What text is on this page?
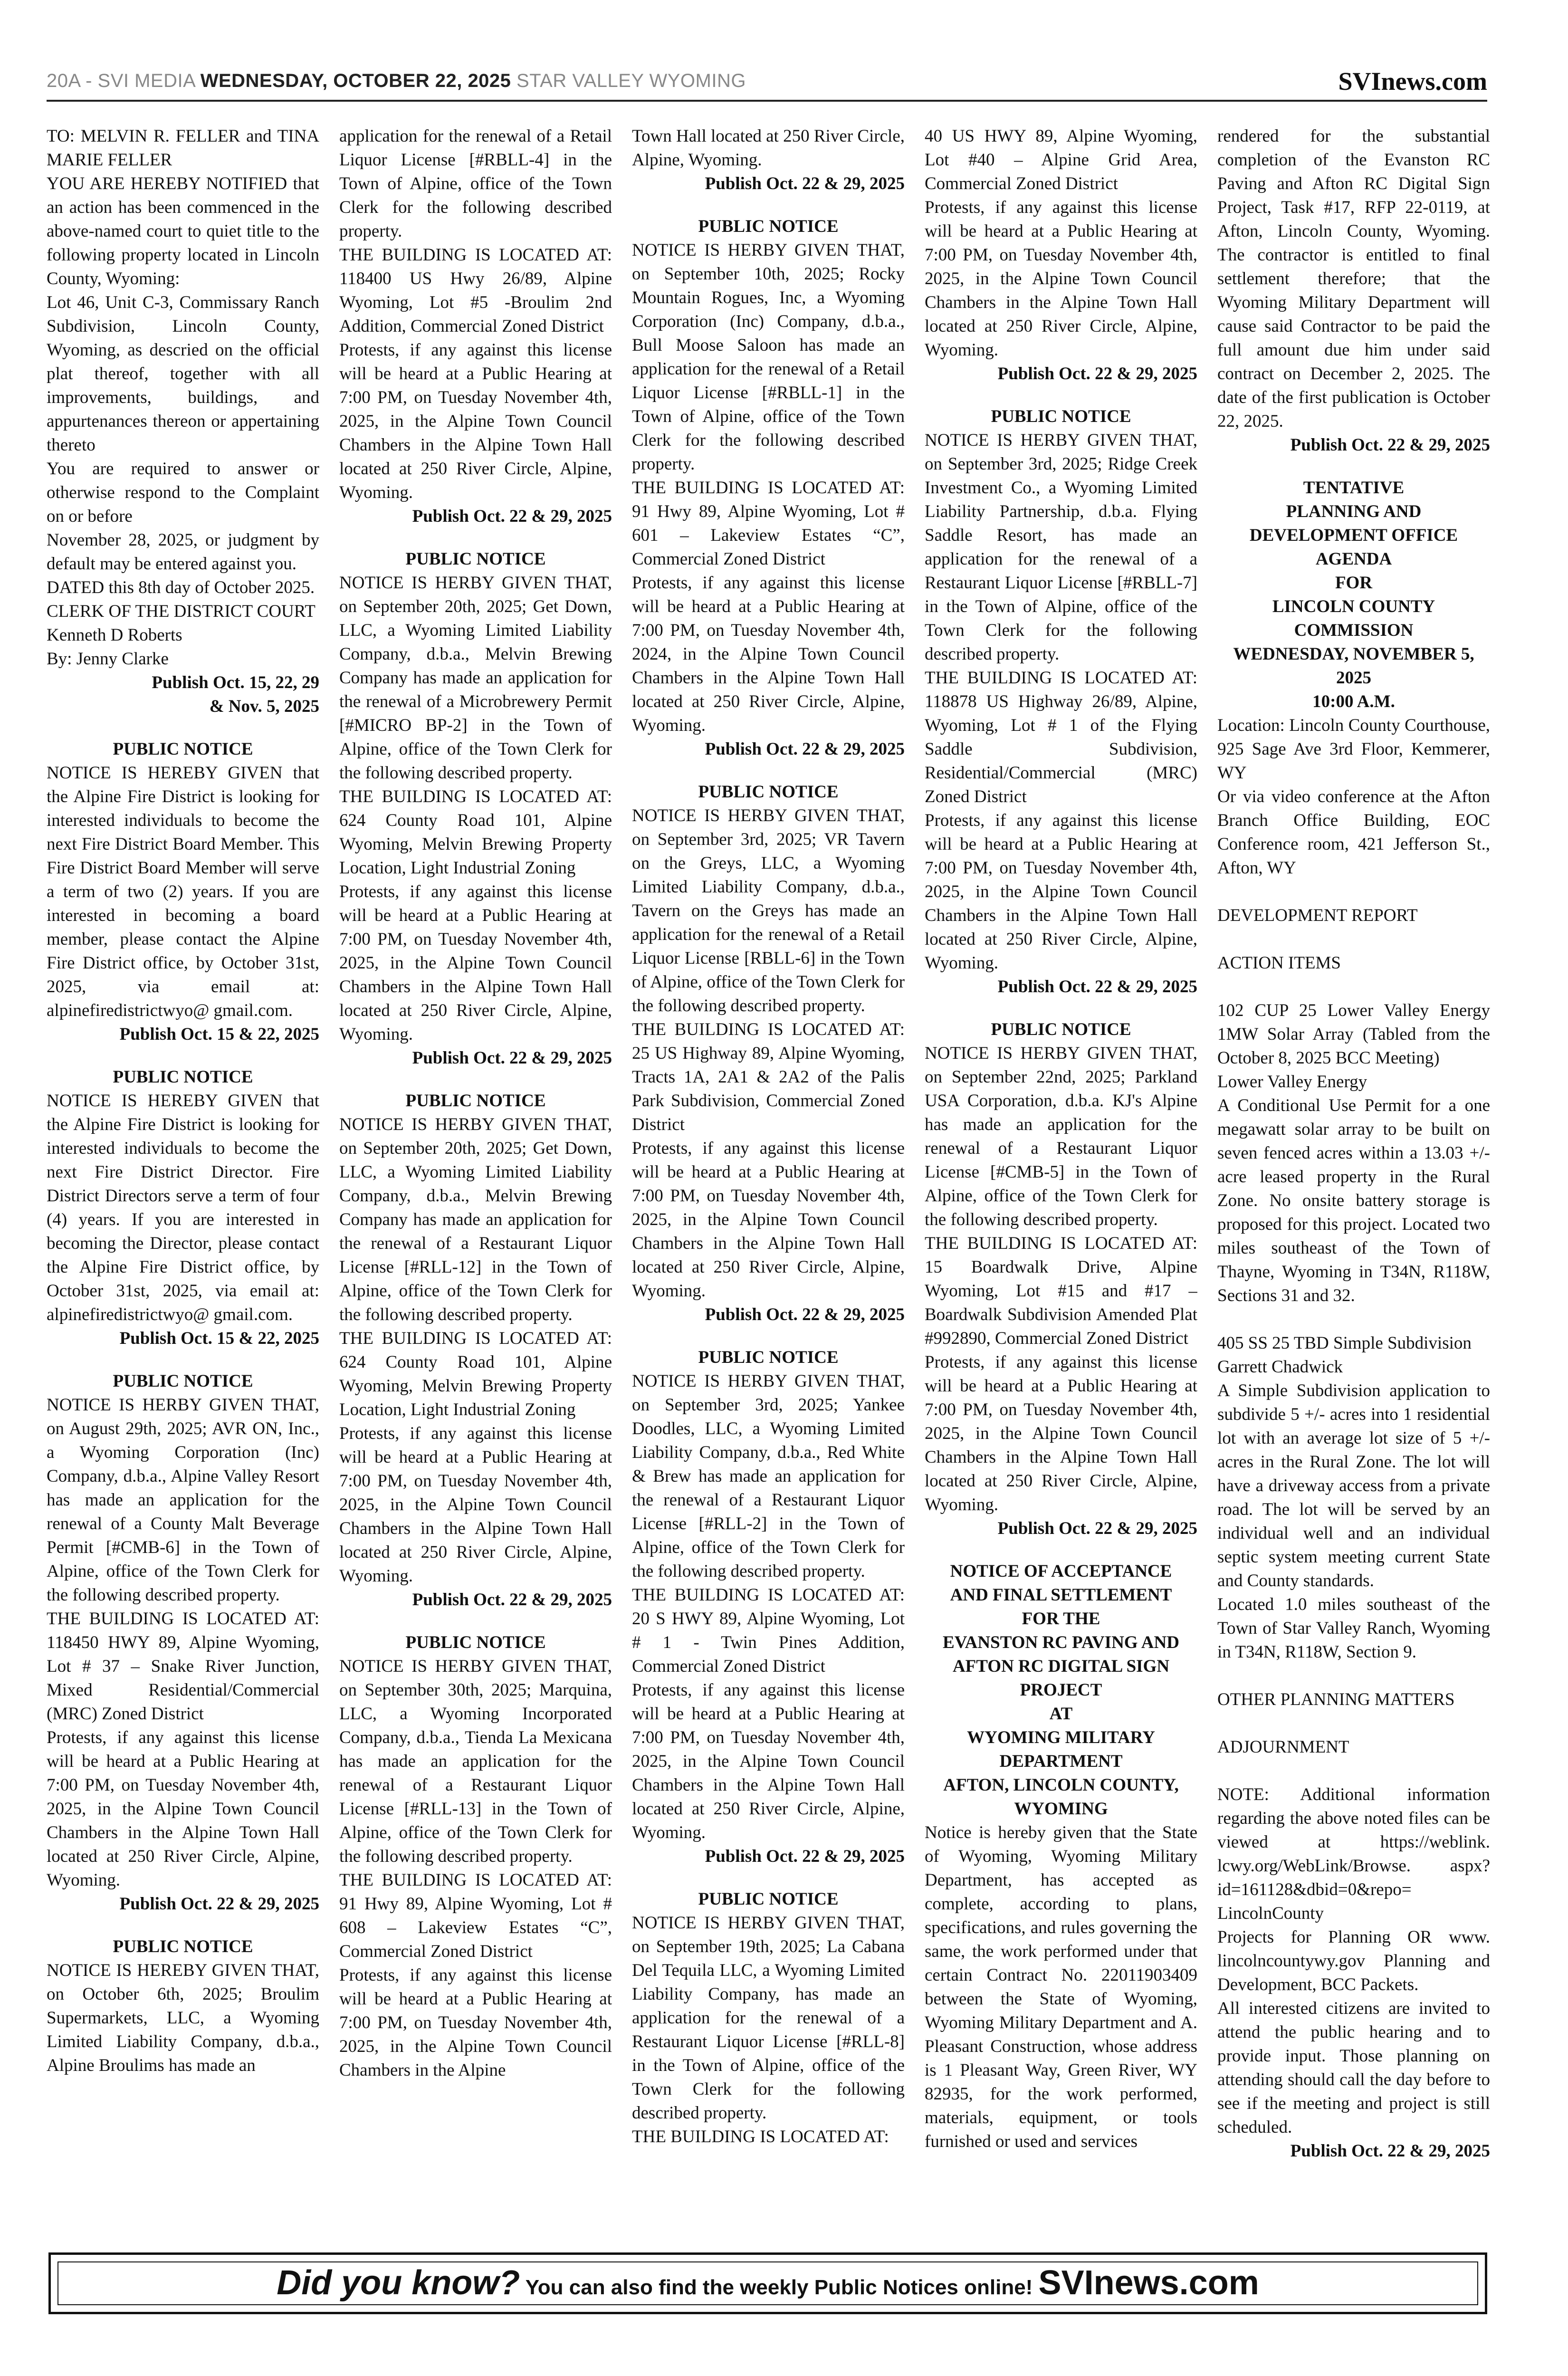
20A - SVI MEDIA WEDNESDAY, OCTOBER 22, 2025 STAR VALLEY WYOMING	SVInews.com

TO: MELVIN R. FELLER and TINA MARIE FELLER

YOU ARE HEREBY NOTIFIED that an action has been commenced in the above-named court to quiet title to the following property located in Lincoln County, Wyoming:

Lot 46, Unit C-3, Commissary Ranch Subdivision, Lincoln County, Wyoming, as descried on the official plat thereof, together with all improvements, buildings, and appurtenances thereon or appertaining thereto

You are required to answer or otherwise respond to the Complaint on or before

November 28, 2025, or judgment by default may be entered against you.

DATED this 8th day of October 2025.

CLERK OF THE DISTRICT COURT

Kenneth D Roberts

By: Jenny Clarke

Publish Oct. 15, 22, 29

& Nov. 5, 2025

PUBLIC NOTICE

NOTICE IS HEREBY GIVEN that the Alpine Fire District is looking for interested individuals to become the next Fire District Board Member. This Fire District Board Member will serve a term of two (2) years. If you are interested in becoming a board member, please contact the Alpine Fire District office, by October 31st, 2025, via email at: alpinefiredistrictwyo@ gmail.com.

Publish Oct. 15 & 22, 2025

PUBLIC NOTICE

NOTICE IS HEREBY GIVEN that the Alpine Fire District is looking for interested individuals to become the next Fire District Director. Fire District Directors serve a term of four (4) years. If you are interested in becoming the Director, please contact the Alpine Fire District office, by October 31st, 2025, via email at: alpinefiredistrictwyo@ gmail.com.

Publish Oct. 15 & 22, 2025

PUBLIC NOTICE

NOTICE IS HERBY GIVEN THAT, on August 29th, 2025; AVR ON, Inc., a Wyoming Corporation (Inc) Company, d.b.a., Alpine Valley Resort has made an application for the renewal of a County Malt Beverage Permit [#CMB-6] in the Town of Alpine, office of the Town Clerk for the following described property.

THE BUILDING IS LOCATED AT: 118450 HWY 89, Alpine Wyoming, Lot # 37 – Snake River Junction, Mixed Residential/Commercial (MRC) Zoned District

Protests, if any against this license will be heard at a Public Hearing at 7:00 PM, on Tuesday November 4th, 2025, in the Alpine Town Council Chambers in the Alpine Town Hall located at 250 River Circle, Alpine, Wyoming.

Publish Oct. 22 & 29, 2025

PUBLIC NOTICE

NOTICE IS HEREBY GIVEN THAT, on October 6th, 2025; Broulim Supermarkets, LLC, a Wyoming Limited Liability Company, d.b.a., Alpine Broulims has made an

application for the renewal of a Retail Liquor License [#RBLL-4] in the Town of Alpine, office of the Town Clerk for the following described property.

THE BUILDING IS LOCATED AT: 118400 US Hwy 26/89, Alpine Wyoming, Lot #5 -Broulim 2nd Addition, Commercial Zoned District

Protests, if any against this license will be heard at a Public Hearing at 7:00 PM, on Tuesday November 4th, 2025, in the Alpine Town Council Chambers in the Alpine Town Hall located at 250 River Circle, Alpine, Wyoming.

Publish Oct. 22 & 29, 2025

PUBLIC NOTICE

NOTICE IS HERBY GIVEN THAT, on September 20th, 2025; Get Down, LLC, a Wyoming Limited Liability Company, d.b.a., Melvin Brewing Company has made an application for the renewal of a Microbrewery Permit [#MICRO BP-2] in the Town of Alpine, office of the Town Clerk for the following described property.

THE BUILDING IS LOCATED AT: 624 County Road 101, Alpine Wyoming, Melvin Brewing Property Location, Light Industrial Zoning

Protests, if any against this license will be heard at a Public Hearing at 7:00 PM, on Tuesday November 4th, 2025, in the Alpine Town Council Chambers in the Alpine Town Hall located at 250 River Circle, Alpine, Wyoming.

Publish Oct. 22 & 29, 2025

PUBLIC NOTICE

NOTICE IS HERBY GIVEN THAT, on September 20th, 2025; Get Down, LLC, a Wyoming Limited Liability Company, d.b.a., Melvin Brewing Company has made an application for the renewal of a Restaurant Liquor License [#RLL-12] in the Town of Alpine, office of the Town Clerk for the following described property.

THE BUILDING IS LOCATED AT: 624 County Road 101, Alpine Wyoming, Melvin Brewing Property Location, Light Industrial Zoning

Protests, if any against this license will be heard at a Public Hearing at 7:00 PM, on Tuesday November 4th, 2025, in the Alpine Town Council Chambers in the Alpine Town Hall located at 250 River Circle, Alpine, Wyoming.

Publish Oct. 22 & 29, 2025

PUBLIC NOTICE

NOTICE IS HERBY GIVEN THAT, on September 30th, 2025; Marquina, LLC, a Wyoming Incorporated Company, d.b.a., Tienda La Mexicana has made an application for the renewal of a Restaurant Liquor License [#RLL-13] in the Town of Alpine, office of the Town Clerk for the following described property.

THE BUILDING IS LOCATED AT: 91 Hwy 89, Alpine Wyoming, Lot # 608 – Lakeview Estates “C”, Commercial Zoned District

Protests, if any against this license will be heard at a Public Hearing at 7:00 PM, on Tuesday November 4th, 2025, in the Alpine Town Council Chambers in the Alpine

Town Hall located at 250 River Circle, Alpine, Wyoming.

Publish Oct. 22 & 29, 2025

PUBLIC NOTICE

NOTICE IS HERBY GIVEN THAT, on September 10th, 2025; Rocky Mountain Rogues, Inc, a Wyoming Corporation (Inc) Company, d.b.a., Bull Moose Saloon has made an application for the renewal of a Retail Liquor License [#RBLL-1] in the Town of Alpine, office of the Town Clerk for the following described property.

THE BUILDING IS LOCATED AT: 91 Hwy 89, Alpine Wyoming, Lot # 601 – Lakeview Estates “C”, Commercial Zoned District

Protests, if any against this license will be heard at a Public Hearing at 7:00 PM, on Tuesday November 4th, 2024, in the Alpine Town Council Chambers in the Alpine Town Hall located at 250 River Circle, Alpine, Wyoming.

Publish Oct. 22 & 29, 2025

PUBLIC NOTICE

NOTICE IS HERBY GIVEN THAT, on September 3rd, 2025; VR Tavern on the Greys, LLC, a Wyoming Limited Liability Company, d.b.a., Tavern on the Greys has made an application for the renewal of a Retail Liquor License [RBLL-6] in the Town of Alpine, office of the Town Clerk for the following described property.

THE BUILDING IS LOCATED AT: 25 US Highway 89, Alpine Wyoming, Tracts 1A, 2A1 & 2A2 of the Palis Park Subdivision, Commercial Zoned District

Protests, if any against this license will be heard at a Public Hearing at 7:00 PM, on Tuesday November 4th, 2025, in the Alpine Town Council Chambers in the Alpine Town Hall located at 250 River Circle, Alpine, Wyoming.

Publish Oct. 22 & 29, 2025

PUBLIC NOTICE

NOTICE IS HERBY GIVEN THAT, on September 3rd, 2025; Yankee Doodles, LLC, a Wyoming Limited Liability Company, d.b.a., Red White & Brew has made an application for the renewal of a Restaurant Liquor License [#RLL-2] in the Town of Alpine, office of the Town Clerk for the following described property.

THE BUILDING IS LOCATED AT: 20 S HWY 89, Alpine Wyoming, Lot # 1 - Twin Pines Addition, Commercial Zoned District

Protests, if any against this license will be heard at a Public Hearing at 7:00 PM, on Tuesday November 4th, 2025, in the Alpine Town Council Chambers in the Alpine Town Hall located at 250 River Circle, Alpine, Wyoming.

Publish Oct. 22 & 29, 2025

PUBLIC NOTICE

NOTICE IS HERBY GIVEN THAT, on September 19th, 2025; La Cabana Del Tequila LLC, a Wyoming Limited Liability Company, has made an application for the renewal of a Restaurant Liquor License [#RLL-8] in the Town of Alpine, office of the Town Clerk for the following described property.

THE BUILDING IS LOCATED AT:

40 US HWY 89, Alpine Wyoming, Lot #40 – Alpine Grid Area, Commercial Zoned District

Protests, if any against this license will be heard at a Public Hearing at 7:00 PM, on Tuesday November 4th, 2025, in the Alpine Town Council Chambers in the Alpine Town Hall located at 250 River Circle, Alpine, Wyoming.

Publish Oct. 22 & 29, 2025

PUBLIC NOTICE

NOTICE IS HERBY GIVEN THAT, on September 3rd, 2025; Ridge Creek Investment Co., a Wyoming Limited Liability Partnership, d.b.a. Flying Saddle Resort, has made an application for the renewal of a Restaurant Liquor License [#RBLL-7] in the Town of Alpine, office of the Town Clerk for the following described property.

THE BUILDING IS LOCATED AT: 118878 US Highway 26/89, Alpine, Wyoming, Lot # 1 of the Flying Saddle Subdivision, Residential/Commercial (MRC) Zoned District

Protests, if any against this license will be heard at a Public Hearing at 7:00 PM, on Tuesday November 4th, 2025, in the Alpine Town Council Chambers in the Alpine Town Hall located at 250 River Circle, Alpine, Wyoming.

Publish Oct. 22 & 29, 2025

PUBLIC NOTICE

NOTICE IS HERBY GIVEN THAT, on September 22nd, 2025; Parkland USA Corporation, d.b.a. KJ's Alpine has made an application for the renewal of a Restaurant Liquor License [#CMB-5] in the Town of Alpine, office of the Town Clerk for the following described property.

THE BUILDING IS LOCATED AT: 15 Boardwalk Drive, Alpine Wyoming, Lot #15 and #17 – Boardwalk Subdivision Amended Plat #992890, Commercial Zoned District

Protests, if any against this license will be heard at a Public Hearing at 7:00 PM, on Tuesday November 4th, 2025, in the Alpine Town Council Chambers in the Alpine Town Hall located at 250 River Circle, Alpine, Wyoming.

Publish Oct. 22 & 29, 2025

NOTICE OF ACCEPTANCE

AND FINAL SETTLEMENT

FOR THE

EVANSTON RC PAVING AND

AFTON RC DIGITAL SIGN

PROJECT

AT

WYOMING MILITARY

DEPARTMENT

AFTON, LINCOLN COUNTY,

WYOMING

Notice is hereby given that the State of Wyoming, Wyoming Military Department, has accepted as complete, according to plans, specifications, and rules governing the same, the work performed under that certain Contract No. 22011903409 between the State of Wyoming, Wyoming Military Department and A. Pleasant Construction, whose address is 1 Pleasant Way, Green River, WY 82935, for the work performed, materials, equipment, or tools furnished or used and services

rendered for the substantial completion of the Evanston RC Paving and Afton RC Digital Sign Project, Task #17, RFP 22-0119, at Afton, Lincoln County, Wyoming. The contractor is entitled to final settlement therefore; that the Wyoming Military Department will cause said Contractor to be paid the full amount due him under said contract on December 2, 2025. The date of the first publication is October 22, 2025.

Publish Oct. 22 & 29, 2025

TENTATIVE

PLANNING AND

DEVELOPMENT OFFICE

AGENDA

FOR

LINCOLN COUNTY

COMMISSION

WEDNESDAY, NOVEMBER 5,

2025

10:00 A.M.

Location: Lincoln County Courthouse, 925 Sage Ave 3rd Floor, Kemmerer, WY

Or via video conference at the Afton Branch Office Building, EOC Conference room, 421 Jefferson St., Afton, WY

DEVELOPMENT REPORT

ACTION ITEMS

102 CUP 25 Lower Valley Energy 1MW Solar Array (Tabled from the October 8, 2025 BCC Meeting)

Lower Valley Energy

A Conditional Use Permit for a one megawatt solar array to be built on seven fenced acres within a 13.03 +/- acre leased property in the Rural Zone. No onsite battery storage is proposed for this project. Located two miles southeast of the Town of Thayne, Wyoming in T34N, R118W, Sections 31 and 32.

405 SS 25 TBD Simple Subdivision

Garrett Chadwick

A Simple Subdivision application to subdivide 5 +/- acres into 1 residential lot with an average lot size of 5 +/- acres in the Rural Zone. The lot will have a driveway access from a private road. The lot will be served by an individual well and an individual septic system meeting current State and County standards.

Located 1.0 miles southeast of the Town of Star Valley Ranch, Wyoming in T34N, R118W, Section 9.

OTHER PLANNING MATTERS

ADJOURNMENT

NOTE: Additional information regarding the above noted files can be viewed at https://weblink. lcwy.org/WebLink/Browse. aspx?id=161128&dbid=0&repo= LincolnCounty

Projects for Planning OR www. lincolncountywy.gov Planning and Development, BCC Packets.

All interested citizens are invited to attend the public hearing and to provide input. Those planning on attending should call the day before to see if the meeting and project is still scheduled.

Publish Oct. 22 & 29, 2025

Did you know? You can also find the weekly Public Notices online! SVInews.com
